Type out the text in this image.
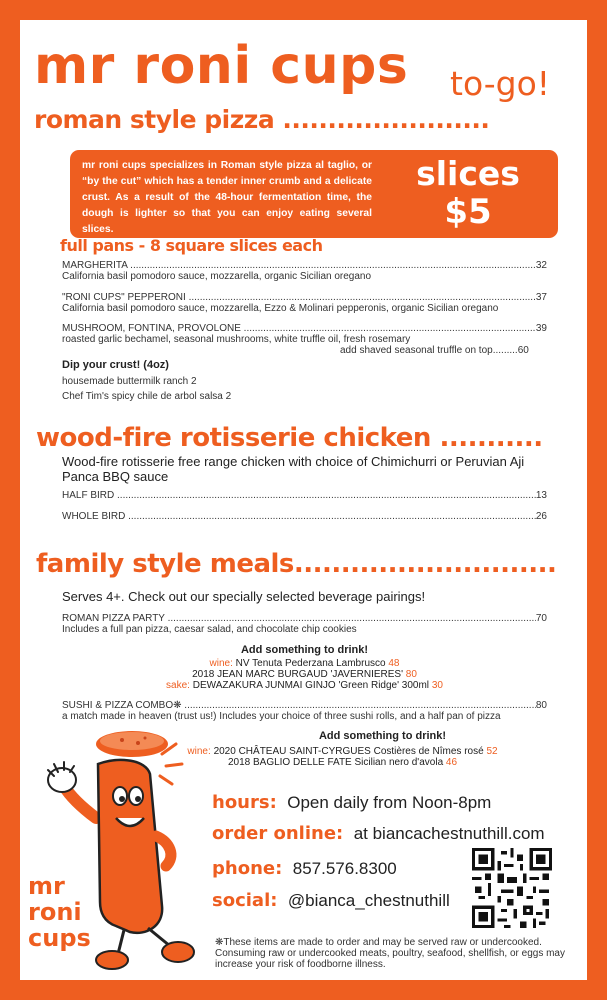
mr roni cups to-go!
roman style pizza .......................
mr roni cups specializes in Roman style pizza al taglio, or “by the cut” which has a tender inner crumb and a delicate crust. As a result of the 48-hour fermentation time, the dough is lighter so that you can enjoy eating several slices.
slices
$5
full pans - 8 square slices each
MARGHERITA .....	32
California basil pomodoro sauce, mozzarella, organic Sicilian oregano
"RONI CUPS" PEPPERONI .....	37
California basil pomodoro sauce, mozzarella, Ezzo & Molinari pepperonis, organic Sicilian oregano
MUSHROOM, FONTINA, PROVOLONE .....	39
roasted garlic bechamel, seasonal mushrooms, white truffle oil, fresh rosemary
add shaved seasonal truffle on top.........60
Dip your crust! (4oz)
housemade buttermilk ranch 2
Chef Tim's spicy chile de arbol salsa 2
wood-fire rotisserie chicken ...........
Wood-fire rotisserie free range chicken with choice of Chimichurri or Peruvian Aji Panca BBQ sauce
HALF BIRD .....	13
WHOLE BIRD .....	26
family style meals............................
Serves 4+. Check out our specially selected beverage pairings!
ROMAN PIZZA PARTY .....	70
Includes a full pan pizza, caesar salad, and chocolate chip cookies
Add something to drink!
wine: NV Tenuta Pederzana Lambrusco 48
2018 JEAN MARC BURGAUD 'JAVERNIERES' 80
sake: DEWAZAKURA JUNMAI GINJO 'Green Ridge' 300ml 30
SUSHI & PIZZA COMBO❋ .....	80
a match made in heaven (trust us!) Includes your choice of three sushi rolls, and a half pan of pizza
Add something to drink!
wine: 2020 CHÂTEAU SAINT-CYRGUES Costières de Nîmes rosé 52
2018 BAGLIO DELLE FATE Sicilian nero d'avola 46
mr
roni
cups
hours: Open daily from Noon-8pm
order online: at biancachestnuthill.com
phone: 857.576.8300
social: @bianca_chestnuthill
❋These items are made to order and may be served raw or undercooked. Consuming raw or undercooked meats, poultry, seafood, shellfish, or eggs may increase your risk of foodborne illness.
